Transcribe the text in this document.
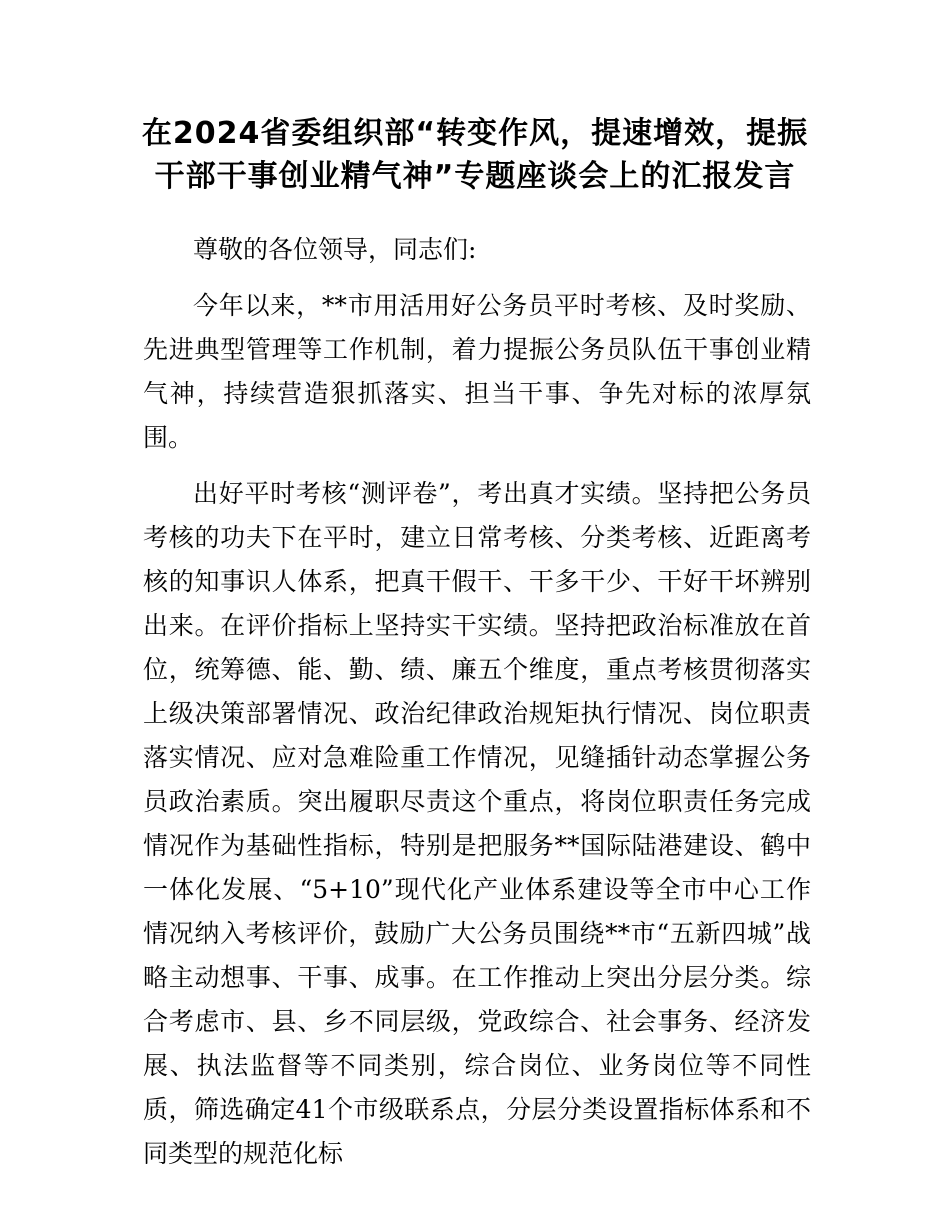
在2024省委组织部“转变作风，提速增效，提振干部干事创业精气神”专题座谈会上的汇报发言

尊敬的各位领导，同志们:

今年以来，**市用活用好公务员平时考核、及时奖励、先进典型管理等工作机制，着力提振公务员队伍干事创业精气神，持续营造狠抓落实、担当干事、争先对标的浓厚氛围。

出好平时考核“测评卷”，考出真才实绩。坚持把公务员考核的功夫下在平时，建立日常考核、分类考核、近距离考核的知事识人体系，把真干假干、干多干少、干好干坏辨别出来。在评价指标上坚持实干实绩。坚持把政治标准放在首位，统筹德、能、勤、绩、廉五个维度，重点考核贯彻落实上级决策部署情况、政治纪律政治规矩执行情况、岗位职责落实情况、应对急难险重工作情况，见缝插针动态掌握公务员政治素质。突出履职尽责这个重点，将岗位职责任务完成情况作为基础性指标，特别是把服务**国际陆港建设、鹤中一体化发展、“5+10”现代化产业体系建设等全市中心工作情况纳入考核评价，鼓励广大公务员围绕**市“五新四城”战略主动想事、干事、成事。在工作推动上突出分层分类。综合考虑市、县、乡不同层级，党政综合、社会事务、经济发展、执法监督等不同类别，综合岗位、业务岗位等不同性质，筛选确定41个市级联系点，分层分类设置指标体系和不同类型的规范化标
